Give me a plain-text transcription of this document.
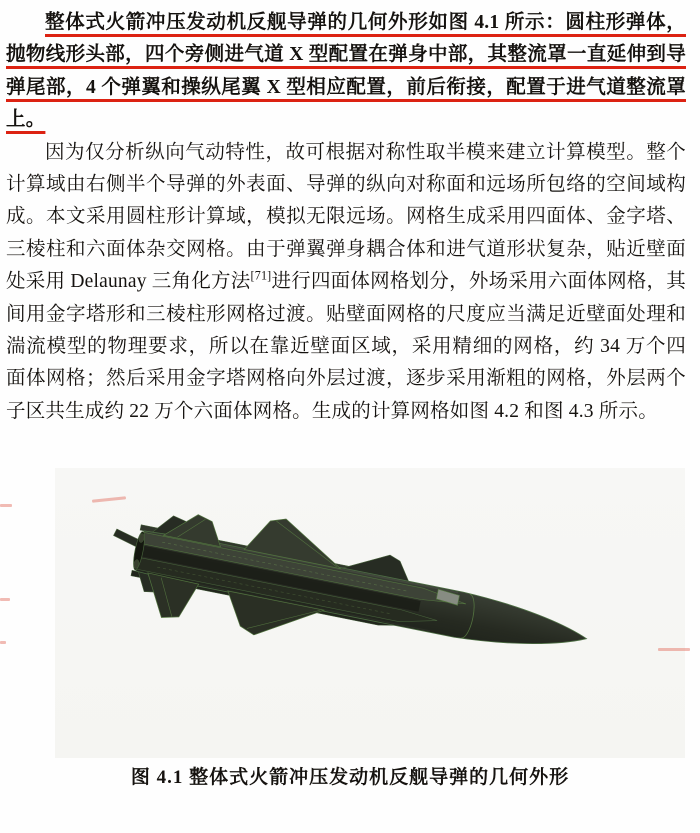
整体式火箭冲压发动机反舰导弹的几何外形如图 4.1 所示：圆柱形弹体，抛物线形头部，四个旁侧进气道 X 型配置在弹身中部，其整流罩一直延伸到导弹尾部，4 个弹翼和操纵尾翼 X 型相应配置，前后衔接，配置于进气道整流罩上。

因为仅分析纵向气动特性，故可根据对称性取半模来建立计算模型。整个计算域由右侧半个导弹的外表面、导弹的纵向对称面和远场所包络的空间域构成。本文采用圆柱形计算域，模拟无限远场。网格生成采用四面体、金字塔、三棱柱和六面体杂交网格。由于弹翼弹身耦合体和进气道形状复杂，贴近壁面处采用 Delaunay 三角化方法[71]进行四面体网格划分，外场采用六面体网格，其间用金字塔形和三棱柱形网格过渡。贴壁面网格的尺度应当满足近壁面处理和湍流模型的物理要求，所以在靠近壁面区域，采用精细的网格，约 34 万个四面体网格；然后采用金字塔网格向外层过渡，逐步采用渐粗的网格，外层两个子区共生成约 22 万个六面体网格。生成的计算网格如图 4.2 和图 4.3 所示。

图 4.1 整体式火箭冲压发动机反舰导弹的几何外形
